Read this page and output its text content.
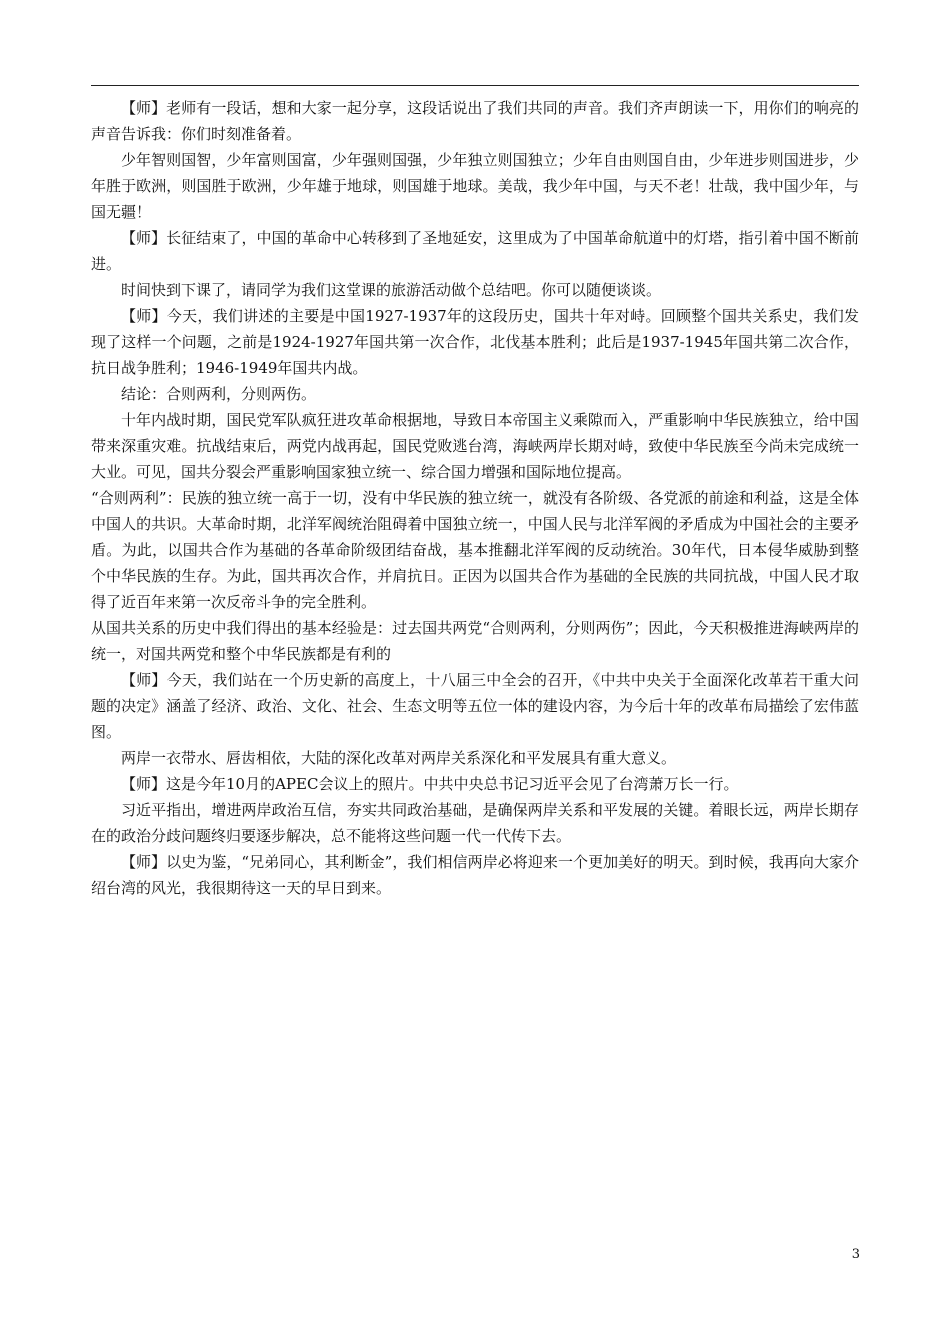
【师】老师有一段话，想和大家一起分享，这段话说出了我们共同的声音。我们齐声朗读一下，用你们的响亮的声音告诉我：你们时刻准备着。

少年智则国智，少年富则国富，少年强则国强，少年独立则国独立；少年自由则国自由，少年进步则国进步，少年胜于欧洲，则国胜于欧洲，少年雄于地球，则国雄于地球。美哉，我少年中国，与天不老！壮哉，我中国少年，与国无疆！

【师】长征结束了，中国的革命中心转移到了圣地延安，这里成为了中国革命航道中的灯塔，指引着中国不断前进。

时间快到下课了，请同学为我们这堂课的旅游活动做个总结吧。你可以随便谈谈。

【师】今天，我们讲述的主要是中国1927-1937年的这段历史，国共十年对峙。回顾整个国共关系史，我们发现了这样一个问题，之前是1924-1927年国共第一次合作，北伐基本胜利；此后是1937-1945年国共第二次合作，抗日战争胜利；1946-1949年国共内战。

结论：合则两利，分则两伤。

十年内战时期，国民党军队疯狂进攻革命根据地，导致日本帝国主义乘隙而入，严重影响中华民族独立，给中国带来深重灾难。抗战结束后，两党内战再起，国民党败逃台湾，海峡两岸长期对峙，致使中华民族至今尚未完成统一大业。可见，国共分裂会严重影响国家独立统一、综合国力增强和国际地位提高。

“合则两利”：民族的独立统一高于一切，没有中华民族的独立统一，就没有各阶级、各党派的前途和利益，这是全体中国人的共识。大革命时期，北洋军阀统治阻碍着中国独立统一，中国人民与北洋军阀的矛盾成为中国社会的主要矛盾。为此，以国共合作为基础的各革命阶级团结奋战，基本推翻北洋军阀的反动统治。30年代，日本侵华威胁到整个中华民族的生存。为此，国共再次合作，并肩抗日。正因为以国共合作为基础的全民族的共同抗战，中国人民才取得了近百年来第一次反帝斗争的完全胜利。

从国共关系的历史中我们得出的基本经验是：过去国共两党“合则两利，分则两伤”；因此，今天积极推进海峡两岸的统一，对国共两党和整个中华民族都是有利的

【师】今天，我们站在一个历史新的高度上，十八届三中全会的召开，《中共中央关于全面深化改革若干重大问题的决定》涵盖了经济、政治、文化、社会、生态文明等五位一体的建设内容，为今后十年的改革布局描绘了宏伟蓝图。

两岸一衣带水、唇齿相依，大陆的深化改革对两岸关系深化和平发展具有重大意义。

【师】这是今年10月的APEC会议上的照片。中共中央总书记习近平会见了台湾萧万长一行。

习近平指出，增进两岸政治互信，夯实共同政治基础，是确保两岸关系和平发展的关键。着眼长远，两岸长期存在的政治分歧问题终归要逐步解决，总不能将这些问题一代一代传下去。

【师】以史为鉴，“兄弟同心，其利断金”，我们相信两岸必将迎来一个更加美好的明天。到时候，我再向大家介绍台湾的风光，我很期待这一天的早日到来。

3
